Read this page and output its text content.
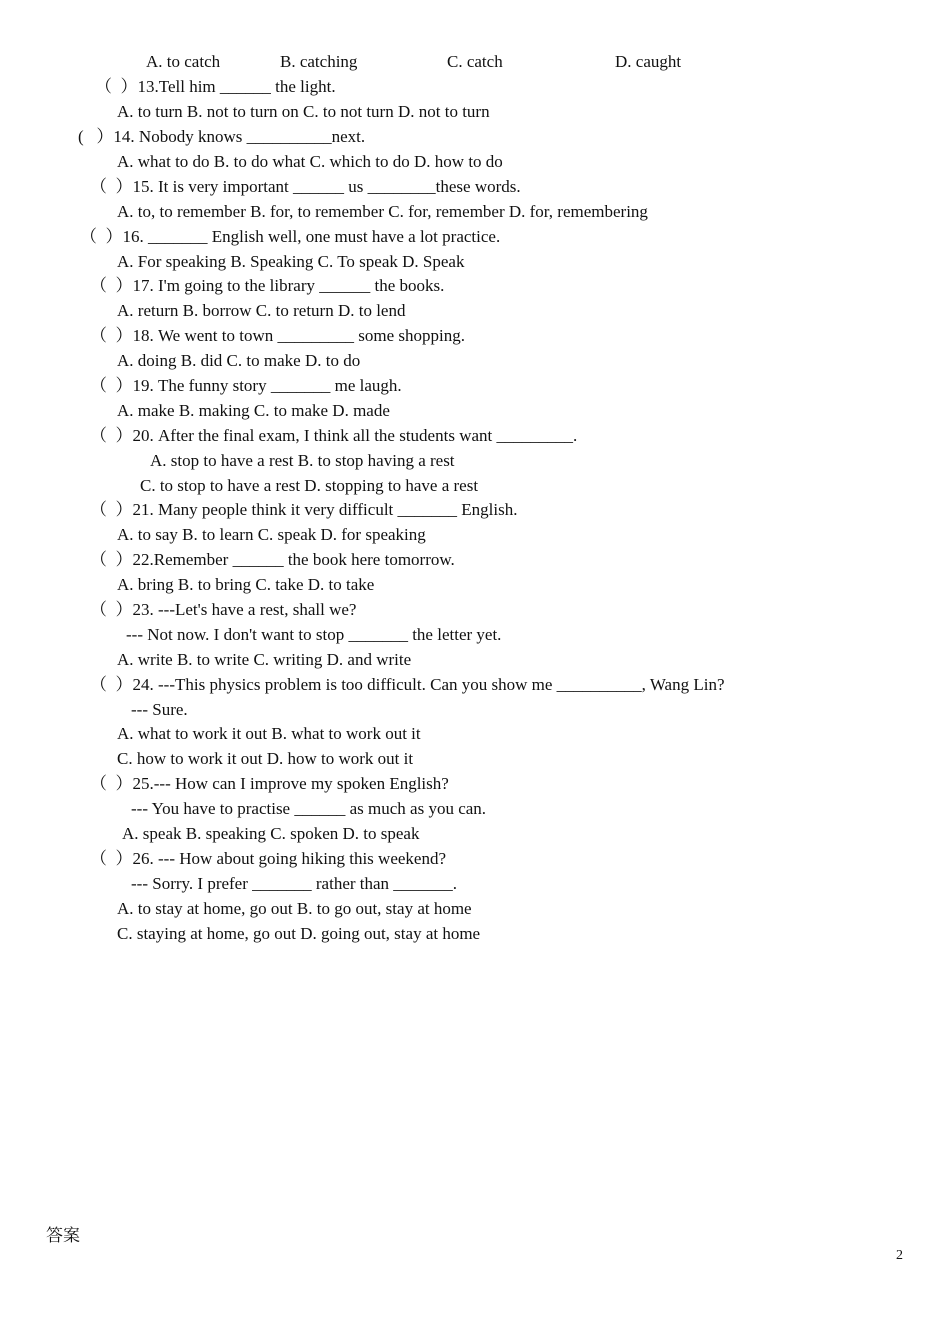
A. to catch	B. catching	C. catch	D. caught
（  ）13.Tell him ______ the light.
A. to turn B. not to turn on C. to not turn D. not to turn
(   ）14. Nobody knows __________next.
A. what to do B. to do what C. which to do D. how to do
（  ）15. It is very important ______ us ________these words.
A. to, to remember B. for, to remember C. for, remember D. for, remembering
（  ）16. _______ English well, one must have a lot practice.
A. For speaking B. Speaking C. To speak D. Speak
（  ）17. I'm going to the library ______ the books.
A. return B. borrow C. to return D. to lend
（  ）18. We went to town _________ some shopping.
A. doing B. did C. to make D. to do
（  ）19. The funny story _______ me laugh.
A. make B. making C. to make D. made
（  ）20. After the final exam, I think all the students want _________.
A. stop to have a rest B. to stop having a rest
C. to stop to have a rest D. stopping to have a rest
（  ）21. Many people think it very difficult _______ English.
A. to say B. to learn C. speak D. for speaking
（  ）22.Remember ______ the book here tomorrow.
A. bring B. to bring C. take D. to take
（  ）23. ---Let's have a rest, shall we?
--- Not now. I don't want to stop _______ the letter yet.
A. write B. to write C. writing D. and write
（  ）24. ---This physics problem is too difficult. Can you show me __________, Wang Lin?
--- Sure.
A. what to work it out B. what to work out it
C. how to work it out D. how to work out it
（  ）25.--- How can I improve my spoken English?
--- You have to practise ______ as much as you can.
A. speak B. speaking C. spoken D. to speak
（  ）26. --- How about going hiking this weekend?
--- Sorry. I prefer _______ rather than _______.
A. to stay at home, go out B. to go out, stay at home
C. staying at home, go out D. going out, stay at home
答案
2
